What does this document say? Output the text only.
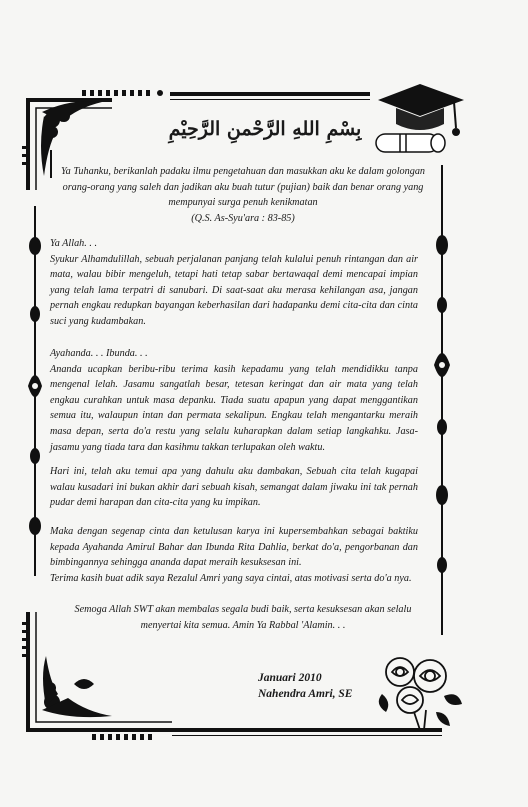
بِسْمِ اللهِ الرَّحْمنِ الرَّحِيْمِ

Ya Tuhanku, berikanlah padaku ilmu pengetahuan dan masukkan aku ke dalam golongan orang-orang yang saleh dan jadikan aku buah tutur (pujian) baik dan benar orang yang mempunyai surga penuh kenikmatan

(Q.S. As-Syu'ara : 83-85)

Ya Allah. . .

Syukur Alhamdulillah, sebuah perjalanan panjang telah kulalui penuh rintangan dan air mata, walau bibir mengeluh, tetapi hati tetap sabar bertawaqal demi mencapai impian yang telah lama terpatri di sanubari. Di saat-saat aku merasa kehilangan asa, jangan pernah engkau redupkan bayangan keberhasilan dari hadapanku demi cita-cita dan cinta suci yang kudambakan.

Ayahanda. . . Ibunda. . .

Ananda ucapkan beribu-ribu terima kasih kepadamu yang telah mendidikku tanpa mengenal lelah. Jasamu sangatlah besar, tetesan keringat dan air mata yang telah engkau curahkan untuk masa depanku. Tiada suatu apapun yang dapat menggantikan semua itu, walaupun intan dan permata sekalipun. Engkau telah mengantarku meraih masa depan, serta do'a restu yang selalu kuharapkan dalam setiap langkahku. Jasa-jasamu yang tiada tara dan kasihmu takkan terlupakan oleh waktu.

Hari ini, telah aku temui apa yang dahulu aku dambakan, Sebuah cita telah kugapai walau kusadari ini bukan akhir dari sebuah kisah, semangat dalam jiwaku ini tak pernah pudar demi harapan dan cita-cita yang ku impikan.

Maka dengan segenap cinta dan ketulusan karya ini kupersembahkan sebagai baktiku kepada Ayahanda Amirul Bahar dan Ibunda Rita Dahlia, berkat do'a, pengorbanan dan bimbingannya sehingga ananda dapat meraih kesuksesan ini.

Terima kasih buat adik saya Rezalul Amri yang saya cintai, atas motivasi serta do'a nya.

Semoga Allah SWT akan membalas segala budi baik, serta kesuksesan akan selalu menyertai kita semua. Amin Ya Rabbal 'Alamin. . .

Januari 2010
Nahendra Amri, SE
